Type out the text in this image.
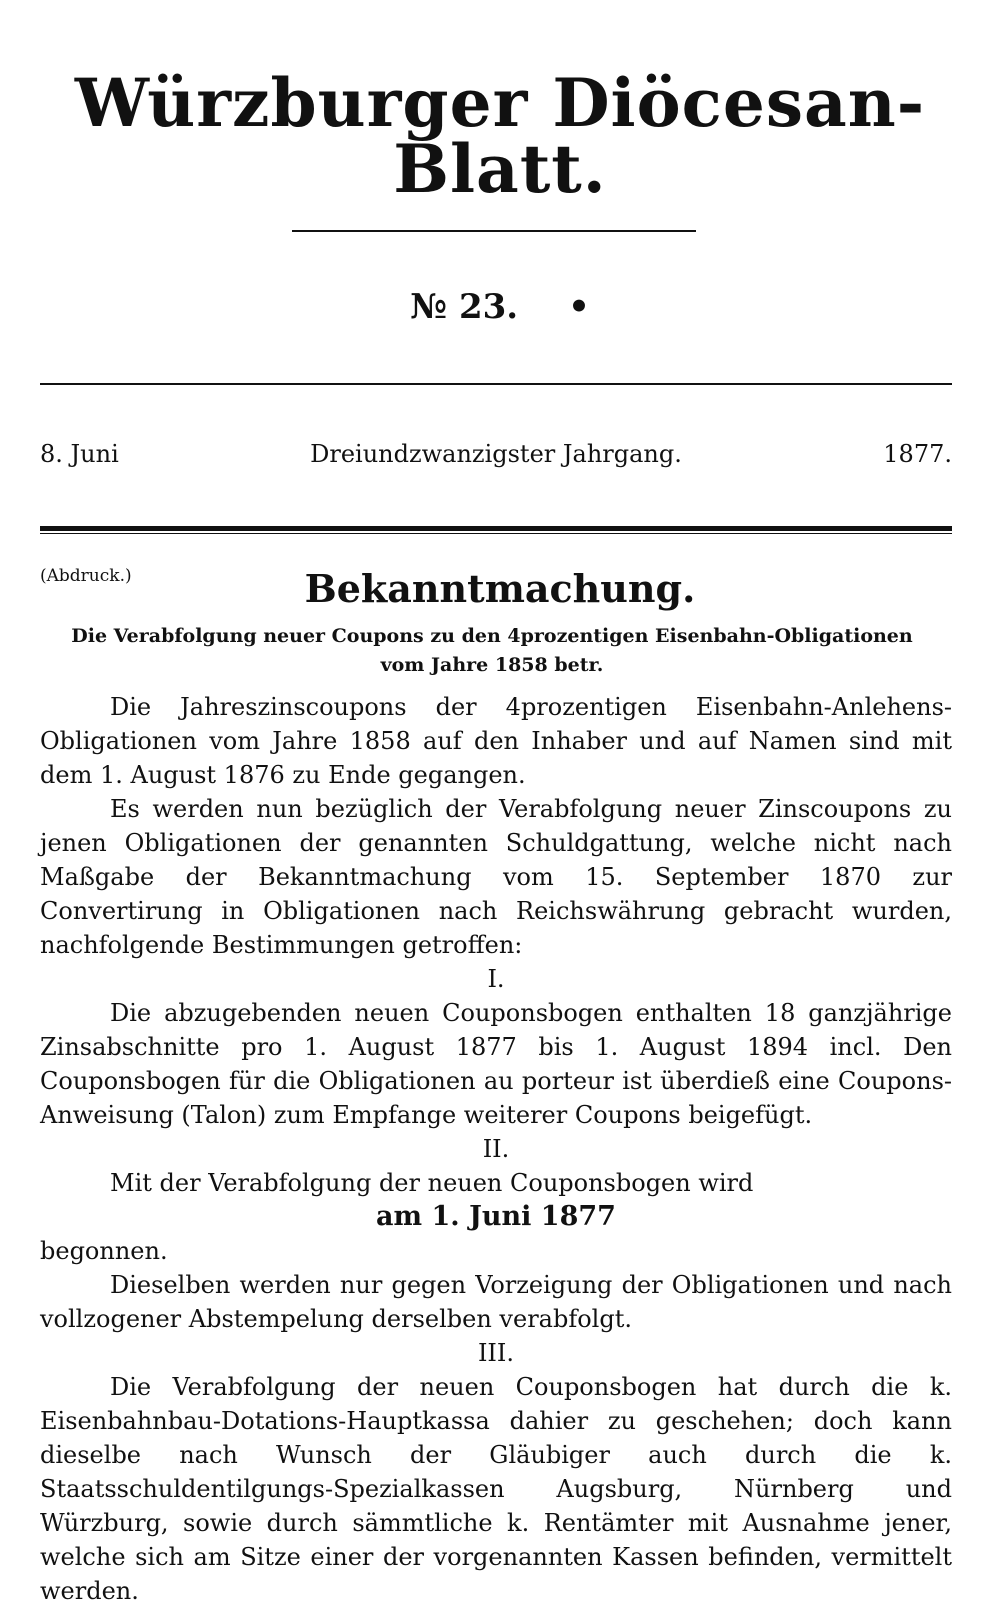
Würzburger Diöcesan-Blatt.
№ 23. •
8. Juni	Dreiundzwanzigster Jahrgang.	1877.
(Abdruck.)	Bekanntmachung.
Die Verabfolgung neuer Coupons zu den 4prozentigen Eisenbahn-Obligationen vom Jahre 1858 betr.

Die Jahreszinscoupons der 4prozentigen Eisenbahn-Anlehens-Obligationen vom Jahre 1858 auf den Inhaber und auf Namen sind mit dem 1. August 1876 zu Ende gegangen.

Es werden nun bezüglich der Verabfolgung neuer Zinscoupons zu jenen Obligationen der genannten Schuldgattung, welche nicht nach Maßgabe der Bekanntmachung vom 15. September 1870 zur Convertirung in Obligationen nach Reichswährung gebracht wurden, nachfolgende Bestimmungen getroffen:

I.

Die abzugebenden neuen Couponsbogen enthalten 18 ganzjährige Zinsabschnitte pro 1. August 1877 bis 1. August 1894 incl. Den Couponsbogen für die Obligationen au porteur ist überdieß eine Coupons-Anweisung (Talon) zum Empfange weiterer Coupons beigefügt.

II.

Mit der Verabfolgung der neuen Couponsbogen wird

am 1. Juni 1877

begonnen.

Dieselben werden nur gegen Vorzeigung der Obligationen und nach vollzogener Abstempelung derselben verabfolgt.

III.

Die Verabfolgung der neuen Couponsbogen hat durch die k. Eisenbahnbau-Dotations-Hauptkassa dahier zu geschehen; doch kann dieselbe nach Wunsch der Gläubiger auch durch die k. Staatsschuldentilgungs-Spezialkassen Augsburg, Nürnberg und Würzburg, sowie durch sämmtliche k. Rentämter mit Ausnahme jener, welche sich am Sitze einer der vorgenannten Kassen befinden, vermittelt werden.
